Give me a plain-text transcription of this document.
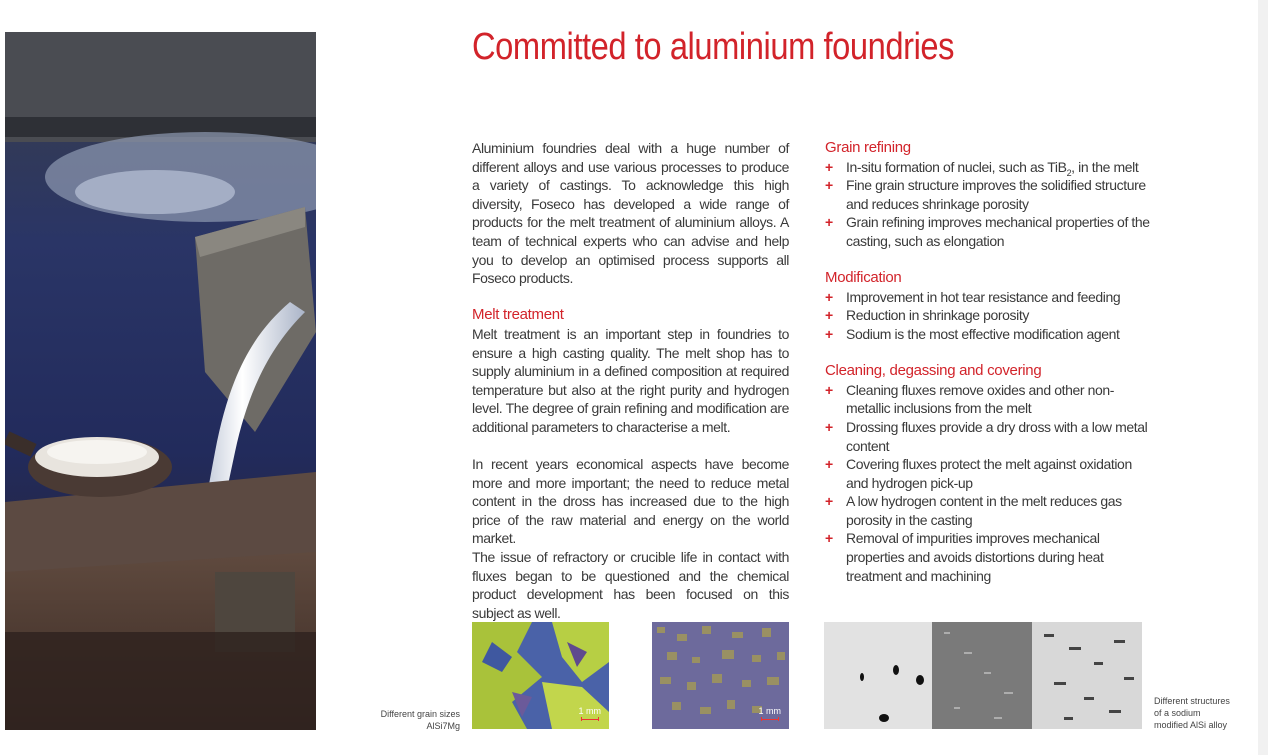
Committed to aluminium foundries

Aluminium foundries deal with a huge number of different alloys and use various processes to produce a variety of castings. To acknowledge this high diversity, Foseco has developed a wide range of products for the melt treatment of aluminium alloys. A team of technical experts who can advise and help you to develop an optimised process supports all Foseco products.

Melt treatment

Melt treatment is an important step in foundries to ensure a high casting quality. The melt shop has to supply aluminium in a defined composition at required temperature but also at the right purity and hydrogen level. The degree of grain refining and modification are additional parameters to characterise a melt.

In recent years economical aspects have become more and more important; the need to reduce metal content in the dross has increased due to the high price of the raw material and energy on the world market.

The issue of refractory or crucible life in contact with fluxes began to be questioned and the chemical product development has been focused on this subject as well.

Grain refining
+ In-situ formation of nuclei, such as TiB$_2$, in the melt
+ Fine grain structure improves the solidified structure and reduces shrinkage porosity
+ Grain refining improves mechanical properties of the casting, such as elongation
Modification
+ Improvement in hot tear resistance and feeding
+ Reduction in shrinkage porosity
+ Sodium is the most effective modification agent
Cleaning, degassing and covering
+ Cleaning fluxes remove oxides and other non-metallic inclusions from the melt
+ Drossing fluxes provide a dry dross with a low metal content
+ Covering fluxes protect the melt against oxidation and hydrogen pick-up
+ A low hydrogen content in the melt reduces gas porosity in the casting
+ Removal of impurities improves mechanical properties and avoids distortions during heat treatment and machining
Different grain sizes
AlSi7Mg
1 mm	1 mm
Different structures
of a sodium
modified AlSi alloy
